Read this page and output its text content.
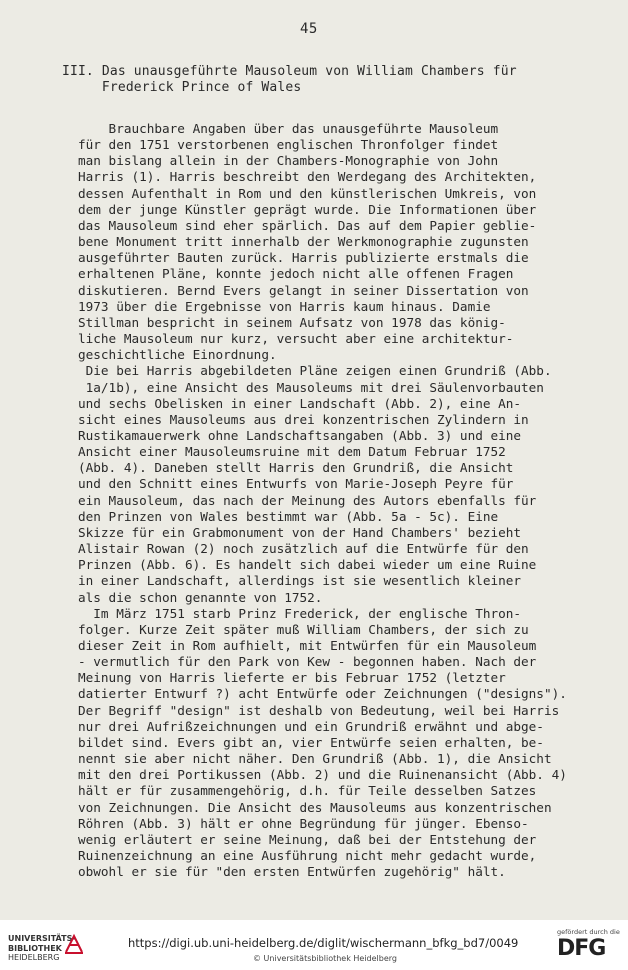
45
III. Das unausgeführte Mausoleum von William Chambers für
Frederick Prince of Wales
Brauchbare Angaben über das unausgeführte Mausoleum
für den 1751 verstorbenen englischen Thronfolger findet
man bislang allein in der Chambers-Monographie von John
Harris (1). Harris beschreibt den Werdegang des Architekten,
dessen Aufenthalt in Rom und den künstlerischen Umkreis, von
dem der junge Künstler geprägt wurde. Die Informationen über
das Mausoleum sind eher spärlich. Das auf dem Papier geblie-
bene Monument tritt innerhalb der Werkmonographie zugunsten
ausgeführter Bauten zurück. Harris publizierte erstmals die
erhaltenen Pläne, konnte jedoch nicht alle offenen Fragen
diskutieren. Bernd Evers gelangt in seiner Dissertation von
1973 über die Ergebnisse von Harris kaum hinaus. Damie
Stillman bespricht in seinem Aufsatz von 1978 das könig-
liche Mausoleum nur kurz, versucht aber eine architektur-
geschichtliche Einordnung.
Die bei Harris abgebildeten Pläne zeigen einen Grundriß (Abb.
1a/1b), eine Ansicht des Mausoleums mit drei Säulenvorbauten
und sechs Obelisken in einer Landschaft (Abb. 2), eine An-
sicht eines Mausoleums aus drei konzentrischen Zylindern in
Rustikamauerwerk ohne Landschaftsangaben (Abb. 3) und eine
Ansicht einer Mausoleumsruine mit dem Datum Februar 1752
(Abb. 4). Daneben stellt Harris den Grundriß, die Ansicht
und den Schnitt eines Entwurfs von Marie-Joseph Peyre für
ein Mausoleum, das nach der Meinung des Autors ebenfalls für
den Prinzen von Wales bestimmt war (Abb. 5a - 5c). Eine
Skizze für ein Grabmonument von der Hand Chambers' bezieht
Alistair Rowan (2) noch zusätzlich auf die Entwürfe für den
Prinzen (Abb. 6). Es handelt sich dabei wieder um eine Ruine
in einer Landschaft, allerdings ist sie wesentlich kleiner
als die schon genannte von 1752.
Im März 1751 starb Prinz Frederick, der englische Thron-
folger. Kurze Zeit später muß William Chambers, der sich zu
dieser Zeit in Rom aufhielt, mit Entwürfen für ein Mausoleum
- vermutlich für den Park von Kew - begonnen haben. Nach der
Meinung von Harris lieferte er bis Februar 1752 (letzter
datierter Entwurf ?) acht Entwürfe oder Zeichnungen ("designs").
Der Begriff "design" ist deshalb von Bedeutung, weil bei Harris
nur drei Aufrißzeichnungen und ein Grundriß erwähnt und abge-
bildet sind. Evers gibt an, vier Entwürfe seien erhalten, be-
nennt sie aber nicht näher. Den Grundriß (Abb. 1), die Ansicht
mit den drei Portikussen (Abb. 2) und die Ruinenansicht (Abb. 4)
hält er für zusammengehörig, d.h. für Teile desselben Satzes
von Zeichnungen. Die Ansicht des Mausoleums aus konzentrischen
Röhren (Abb. 3) hält er ohne Begründung für jünger. Ebenso-
wenig erläutert er seine Meinung, daß bei der Entstehung der
Ruinenzeichnung an eine Ausführung nicht mehr gedacht wurde,
obwohl er sie für "den ersten Entwürfen zugehörig" hält.
UNIVERSITÄTS-
BIBLIOTHEK
HEIDELBERG
https://digi.ub.uni-heidelberg.de/diglit/wischermann_bfkg_bd7/0049
© Universitätsbibliothek Heidelberg
gefördert durch die
DFG
